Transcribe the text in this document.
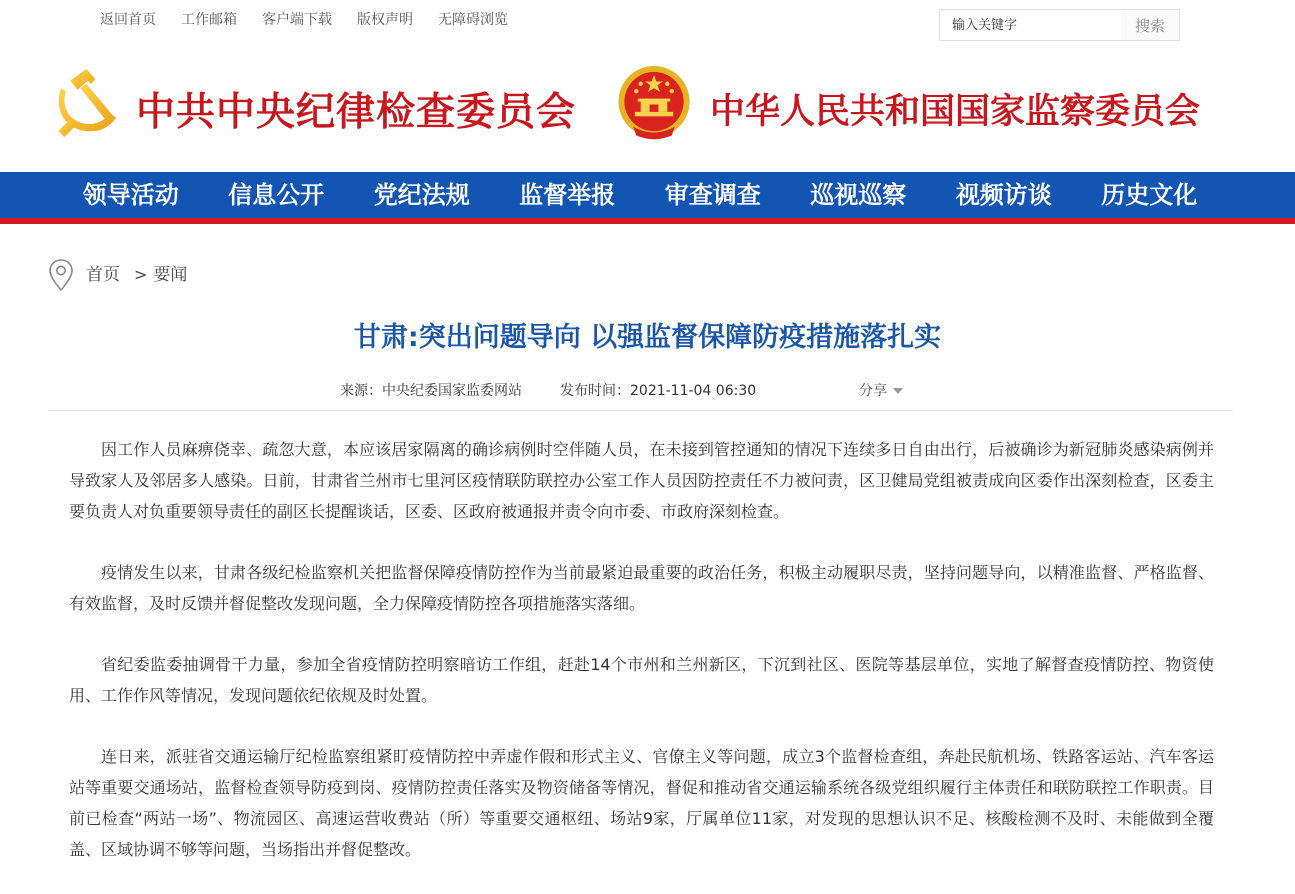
返回首页 工作邮箱 客户端下载 版权声明 无障碍浏览
输入关键字	搜索
中共中央纪律检查委员会	中华人民共和国国家监察委员会
领导活动	信息公开	党纪法规	监督举报	审查调查	巡视巡察	视频访谈	历史文化
首页 > 要闻
甘肃:突出问题导向 以强监督保障防疫措施落扎实
来源：中央纪委国家监委网站	发布时间：2021-11-04 06:30	分享

因工作人员麻痹侥幸、疏忽大意，本应该居家隔离的确诊病例时空伴随人员，在未接到管控通知的情况下连续多日自由出行，后被确诊为新冠肺炎感染病例并导致家人及邻居多人感染。日前，甘肃省兰州市七里河区疫情联防联控办公室工作人员因防控责任不力被问责，区卫健局党组被责成向区委作出深刻检查，区委主要负责人对负重要领导责任的副区长提醒谈话，区委、区政府被通报并责令向市委、市政府深刻检查。

疫情发生以来，甘肃各级纪检监察机关把监督保障疫情防控作为当前最紧迫最重要的政治任务，积极主动履职尽责，坚持问题导向，以精准监督、严格监督、有效监督，及时反馈并督促整改发现问题，全力保障疫情防控各项措施落实落细。

省纪委监委抽调骨干力量，参加全省疫情防控明察暗访工作组，赶赴14个市州和兰州新区，下沉到社区、医院等基层单位，实地了解督查疫情防控、物资使用、工作作风等情况，发现问题依纪依规及时处置。

连日来，派驻省交通运输厅纪检监察组紧盯疫情防控中弄虚作假和形式主义、官僚主义等问题，成立3个监督检查组，奔赴民航机场、铁路客运站、汽车客运站等重要交通场站，监督检查领导防疫到岗、疫情防控责任落实及物资储备等情况，督促和推动省交通运输系统各级党组织履行主体责任和联防联控工作职责。目前已检查“两站一场”、物流园区、高速运营收费站（所）等重要交通枢纽、场站9家，厅属单位11家，对发现的思想认识不足、核酸检测不及时、未能做到全覆盖、区域协调不够等问题，当场指出并督促整改。
